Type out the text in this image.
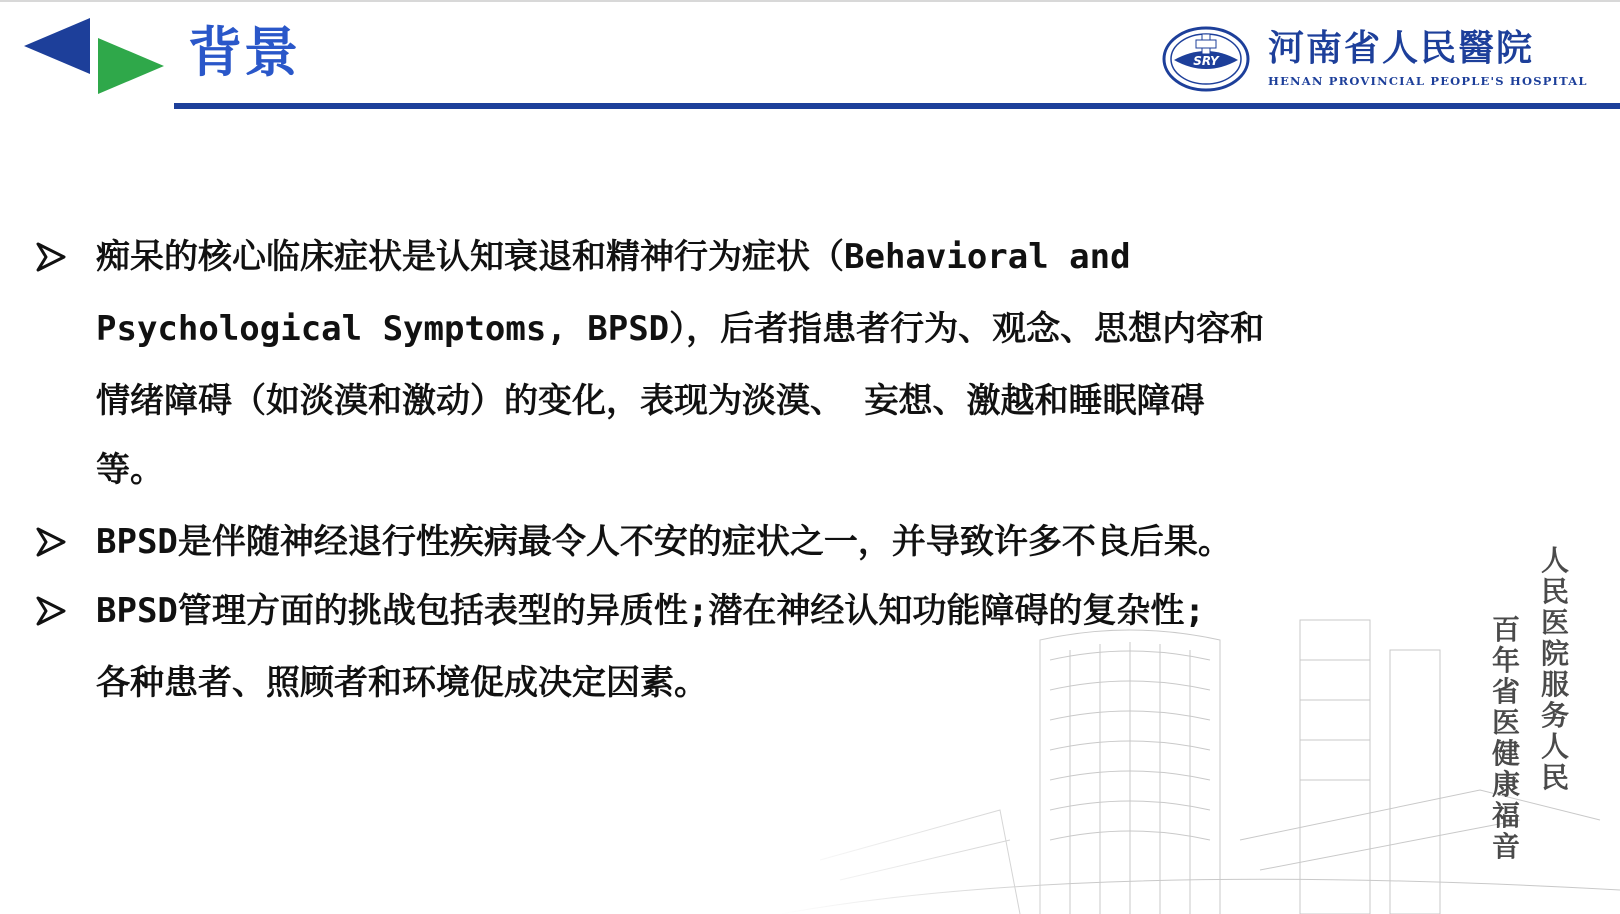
背景	SRY 河南省人民醫院
HENAN PROVINCIAL PEOPLE'S HOSPITAL
人民医院服务人民
百年省医健康福音
痴呆的核心临床症状是认知衰退和精神行为症状（Behavioral and
Psychological Symptoms, BPSD），后者指患者行为、观念、思想内容和
情绪障碍（如淡漠和激动）的变化，表现为淡漠、 妄想、激越和睡眠障碍
等。
BPSD是伴随神经退行性疾病最令人不安的症状之一，并导致许多不良后果。
BPSD管理方面的挑战包括表型的异质性;潜在神经认知功能障碍的复杂性;
各种患者、照顾者和环境促成决定因素。
